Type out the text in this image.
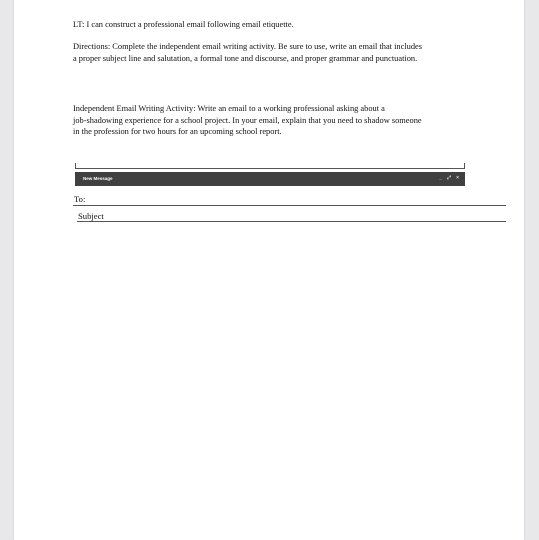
LT: I can construct a professional email following email etiquette.
Directions: Complete the independent email writing activity. Be sure to use, write an email that includes
a proper subject line and salutation, a formal tone and discourse, and proper grammar and punctuation.
Independent Email Writing Activity: Write an email to a working professional asking about a
job-shadowing experience for a school project. In your email, explain that you need to shadow someone
in the profession for two hours for an upcoming school report.
New Message	_ ⤢ ×
To:
Subject
